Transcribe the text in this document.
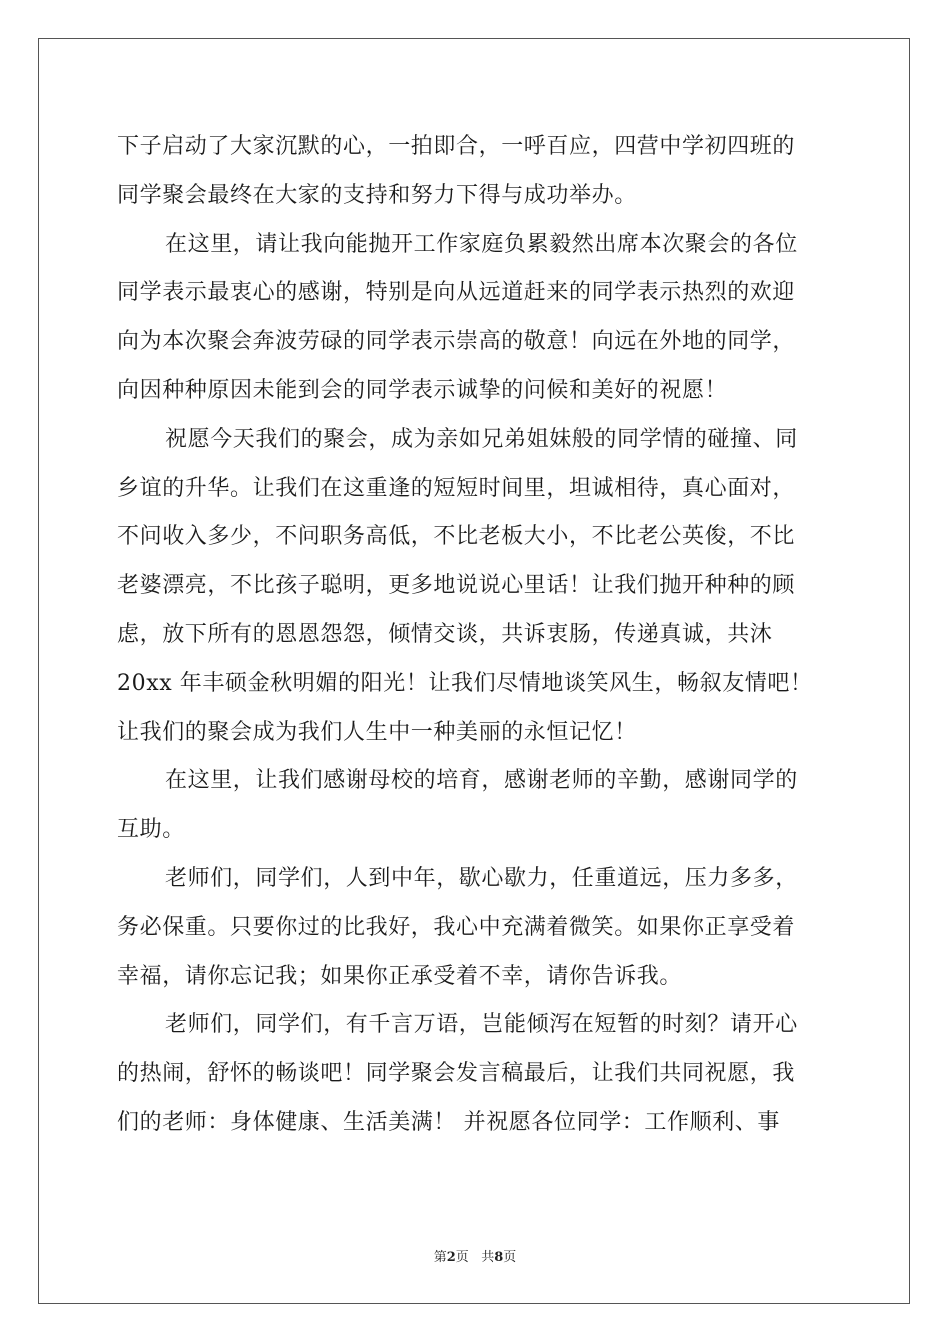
下子启动了大家沉默的心，一拍即合，一呼百应，四营中学初四班的
同学聚会最终在大家的支持和努力下得与成功举办。
在这里，请让我向能抛开工作家庭负累毅然出席本次聚会的各位
同学表示最衷心的感谢，特别是向从远道赶来的同学表示热烈的欢迎
向为本次聚会奔波劳碌的同学表示崇高的敬意！向远在外地的同学，
向因种种原因未能到会的同学表示诚挚的问候和美好的祝愿！
祝愿今天我们的聚会，成为亲如兄弟姐妹般的同学情的碰撞、同
乡谊的升华。让我们在这重逢的短短时间里，坦诚相待，真心面对，
不问收入多少，不问职务高低，不比老板大小，不比老公英俊，不比
老婆漂亮，不比孩子聪明，更多地说说心里话！让我们抛开种种的顾
虑，放下所有的恩恩怨怨，倾情交谈，共诉衷肠，传递真诚，共沐
20xx 年丰硕金秋明媚的阳光！让我们尽情地谈笑风生，畅叙友情吧！
让我们的聚会成为我们人生中一种美丽的永恒记忆！
在这里，让我们感谢母校的培育，感谢老师的辛勤，感谢同学的
互助。
老师们，同学们，人到中年，歇心歇力，任重道远，压力多多，
务必保重。只要你过的比我好，我心中充满着微笑。如果你正享受着
幸福，请你忘记我；如果你正承受着不幸，请你告诉我。
老师们，同学们，有千言万语，岂能倾泻在短暂的时刻？请开心
的热闹，舒怀的畅谈吧！同学聚会发言稿最后，让我们共同祝愿，我
们的老师：身体健康、生活美满！ 并祝愿各位同学：工作顺利、事
第2页 共8页
